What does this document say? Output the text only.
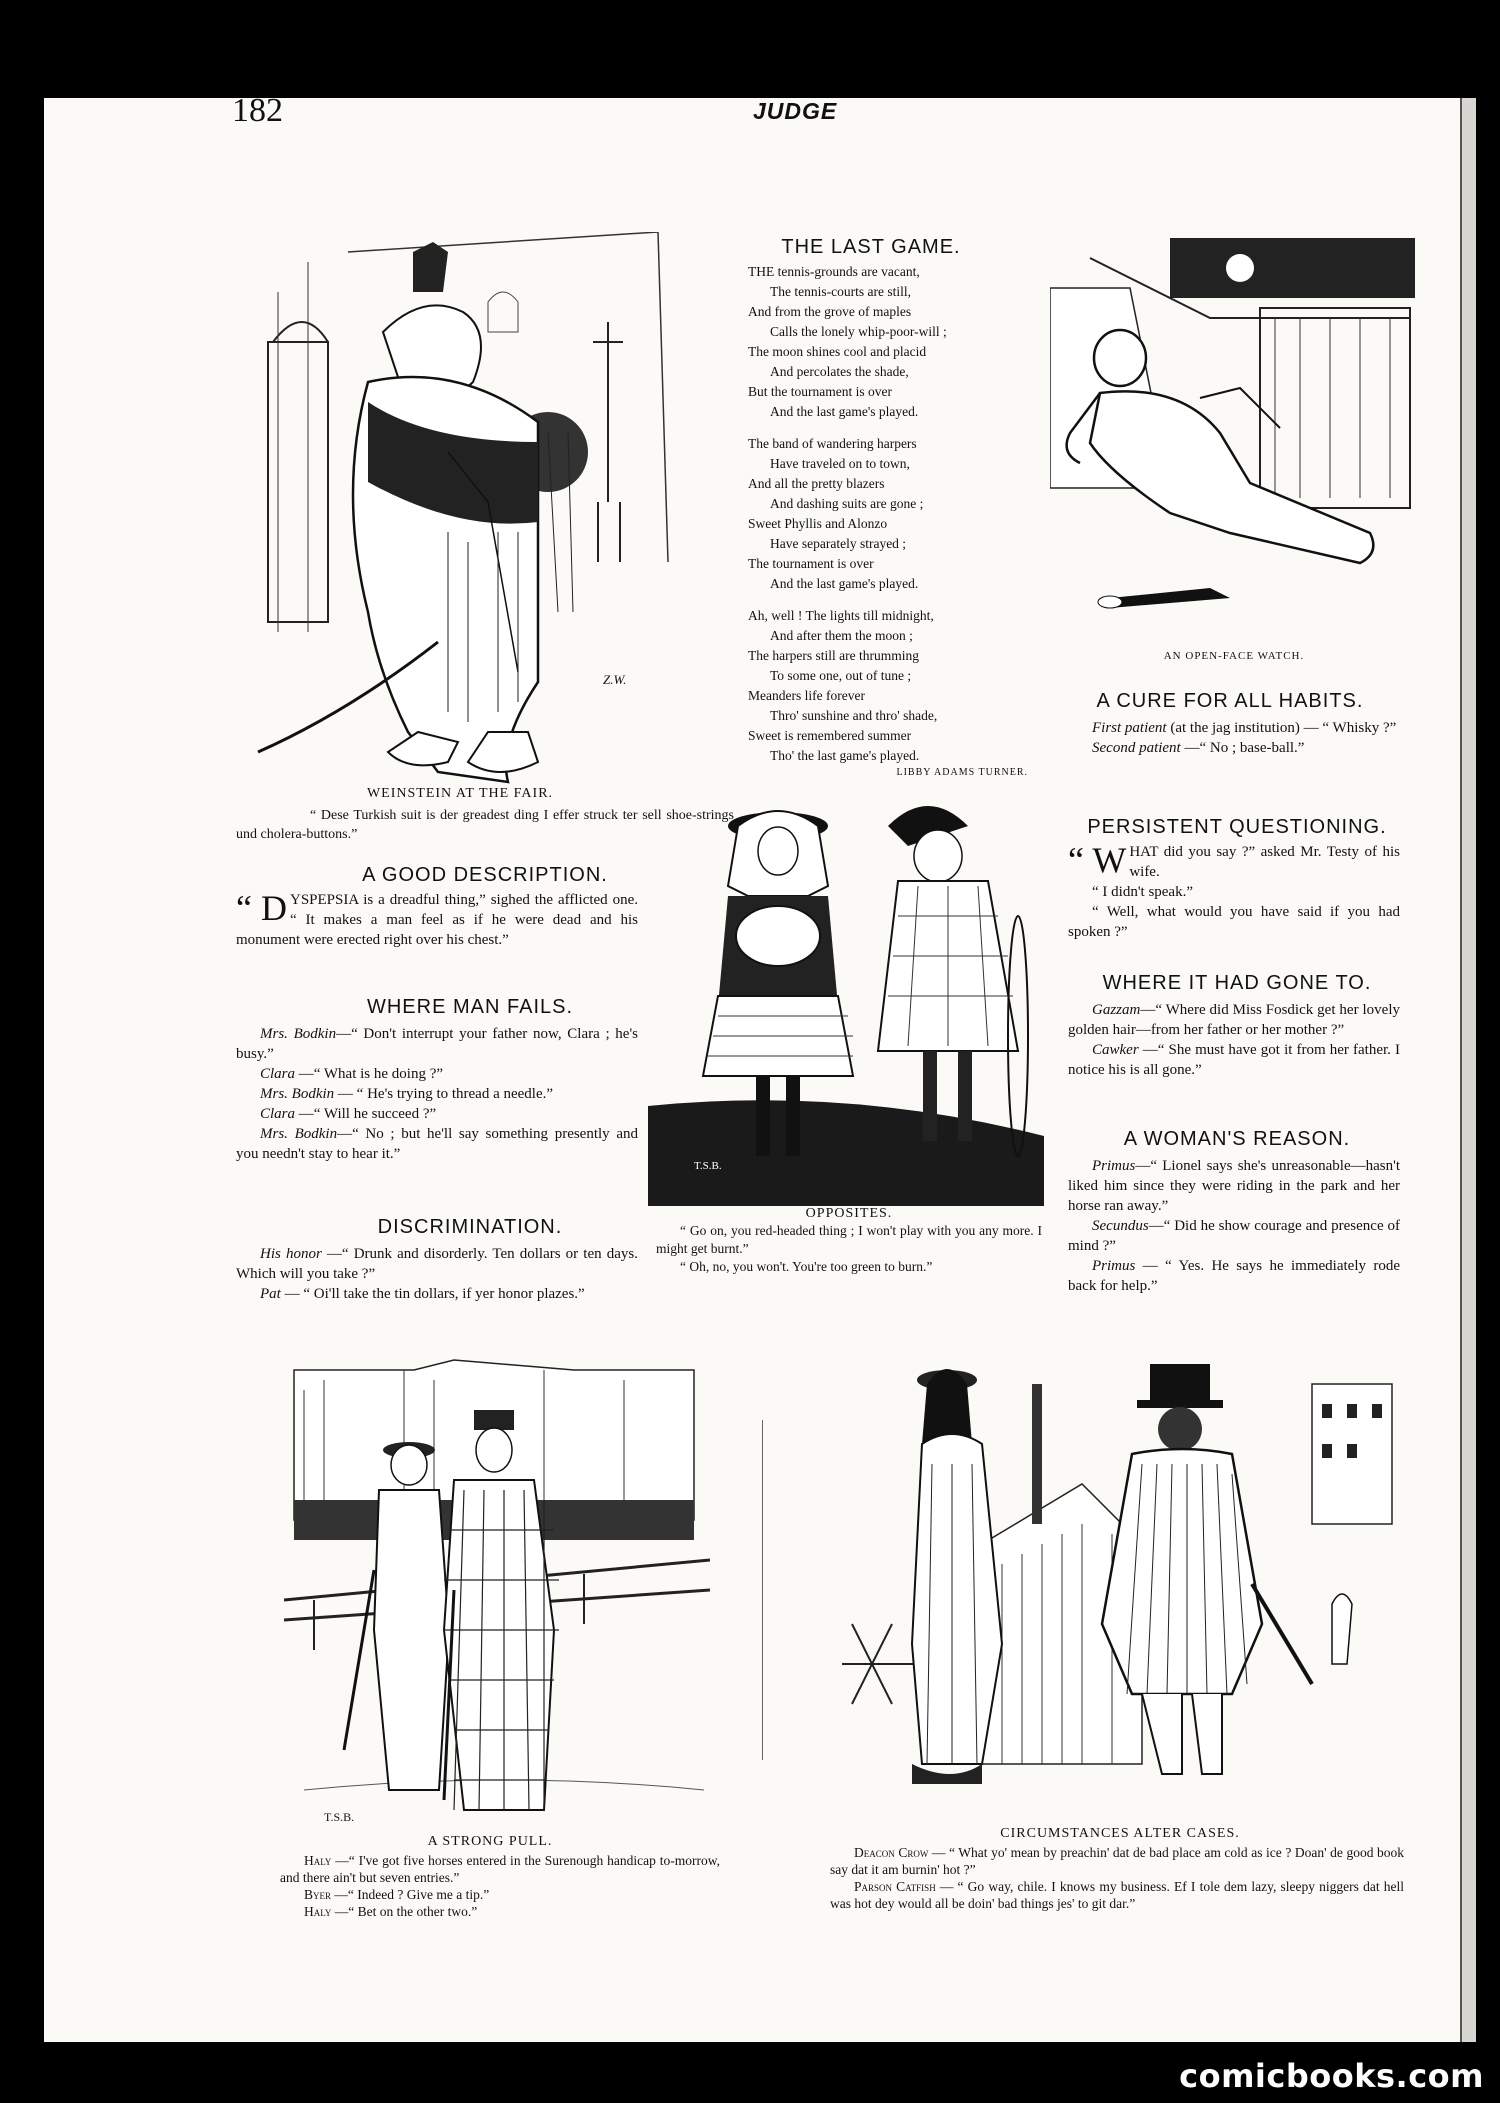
182	JUDGE
Z.W.
WEINSTEIN AT THE FAIR.
“ Dese Turkish suit is der greadest ding I effer struck ter sell shoe-strings und cholera-buttons.”
THE LAST GAME.

THE tennis-grounds are vacant,

The tennis-courts are still,

And from the grove of maples

Calls the lonely whip-poor-will ;

The moon shines cool and placid

And percolates the shade,

But the tournament is over

And the last game's played.

The band of wandering harpers

Have traveled on to town,

And all the pretty blazers

And dashing suits are gone ;

Sweet Phyllis and Alonzo

Have separately strayed ;

The tournament is over

And the last game's played.

Ah, well ! The lights till midnight,

And after them the moon ;

The harpers still are thrumming

To some one, out of tune ;

Meanders life forever

Thro' sunshine and thro' shade,

Sweet is remembered summer

Tho' the last game's played.

LIBBY ADAMS TURNER.
AN OPEN-FACE WATCH.
A CURE FOR ALL HABITS.

First patient (at the jag institution) — “ Whisky ?”

Second patient —“ No ; base-ball.”

A GOOD DESCRIPTION.
“ D YSPEPSIA is a dreadful thing,” sighed the afflicted one. “ It makes a man feel as if he were dead and his monument were erected right over his chest.”
WHERE MAN FAILS.

Mrs. Bodkin—“ Don't interrupt your father now, Clara ; he's busy.”

Clara —“ What is he doing ?”

Mrs. Bodkin — “ He's trying to thread a needle.”

Clara —“ Will he succeed ?”

Mrs. Bodkin—“ No ; but he'll say something presently and you needn't stay to hear it.”

DISCRIMINATION.

His honor —“ Drunk and disorderly. Ten dollars or ten days. Which will you take ?”

Pat — “ Oi'll take the tin dollars, if yer honor plazes.”

T.S.B.
OPPOSITES.

“ Go on, you red-headed thing ; I won't play with you any more. I might get burnt.”

“ Oh, no, you won't. You're too green to burn.”

PERSISTENT QUESTIONING.

“ W HAT did you say ?” asked Mr. Testy of his wife.

“ I didn't speak.”

“ Well, what would you have said if you had spoken ?”

WHERE IT HAD GONE TO.

Gazzam—“ Where did Miss Fosdick get her lovely golden hair—from her father or her mother ?”

Cawker —“ She must have got it from her father. I notice his is all gone.”

A WOMAN'S REASON.

Primus—“ Lionel says she's unreasonable—hasn't liked him since they were riding in the park and her horse ran away.”

Secundus—“ Did he show courage and presence of mind ?”

Primus — “ Yes. He says he immediately rode back for help.”

T.S.B.
A STRONG PULL.

Haly —“ I've got five horses entered in the Surenough handicap to-morrow, and there ain't but seven entries.”

Byer —“ Indeed ? Give me a tip.”

Haly —“ Bet on the other two.”

CIRCUMSTANCES ALTER CASES.

Deacon Crow — “ What yo' mean by preachin' dat de bad place am cold as ice ? Doan' de good book say dat it am burnin' hot ?”

Parson Catfish — “ Go way, chile. I knows my business. Ef I tole dem lazy, sleepy niggers dat hell was hot dey would all be doin' bad things jes' to git dar.”

comicbooks.com
